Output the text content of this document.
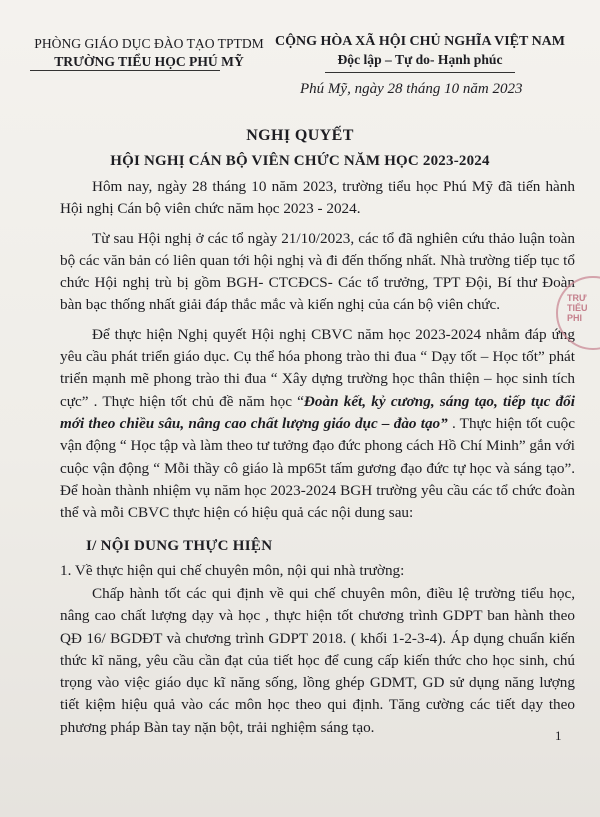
PHÒNG GIÁO DỤC ĐÀO TẠO TPTDM
TRƯỜNG TIỂU HỌC PHÚ MỸ
CỘNG HÒA XÃ HỘI CHỦ NGHĨA VIỆT NAM
Độc lập – Tự do- Hạnh phúc
Phú Mỹ, ngày 28 tháng 10 năm 2023
NGHỊ QUYẾT
HỘI NGHỊ CÁN BỘ VIÊN CHỨC NĂM HỌC 2023-2024

Hôm nay, ngày 28 tháng 10 năm 2023, trường tiểu học Phú Mỹ đã tiến hành Hội nghị Cán bộ viên chức năm học 2023 - 2024.

Từ sau Hội nghị ở các tổ ngày 21/10/2023, các tổ đã nghiên cứu thảo luận toàn bộ các văn bản có liên quan tới hội nghị và đi đến thống nhất. Nhà trường tiếp tục tổ chức Hội nghị trù bị gồm BGH- CTCĐCS- Các tổ trưởng, TPT Đội, Bí thư Đoàn bàn bạc thống nhất giải đáp thắc mắc và kiến nghị của cán bộ viên chức.

Để thực hiện Nghị quyết Hội nghị CBVC năm học 2023-2024 nhằm đáp ứng yêu cầu phát triển giáo dục. Cụ thể hóa phong trào thi đua “ Dạy tốt – Học tốt” phát triển mạnh mẽ phong trào thi đua “ Xây dựng trường học thân thiện – học sinh tích cực” . Thực hiện tốt chủ đề năm học “Đoàn kết, kỷ cương, sáng tạo, tiếp tục đổi mới theo chiều sâu, nâng cao chất lượng giáo dục – đào tạo” . Thực hiện tốt cuộc vận động “ Học tập và làm theo tư tưởng đạo đức phong cách Hồ Chí Minh” gắn với cuộc vận động “ Mỗi thầy cô giáo là mp65t tấm gương đạo đức tự học và sáng tạo”. Để hoàn thành nhiệm vụ năm học 2023-2024 BGH trường yêu cầu các tổ chức đoàn thể và mỗi CBVC thực hiện có hiệu quả các nội dung sau:

I/ NỘI DUNG THỰC HIỆN
1. Về thực hiện qui chế chuyên môn, nội qui nhà trường:

Chấp hành tốt các qui định về qui chế chuyên môn, điều lệ trường tiểu học, nâng cao chất lượng dạy và học , thực hiện tốt chương trình GDPT ban hành theo QĐ 16/ BGDĐT và chương trình GDPT 2018. ( khối 1-2-3-4). Áp dụng chuẩn kiến thức kĩ năng, yêu cầu cần đạt của tiết học để cung cấp kiến thức cho học sinh, chú trọng vào việc giáo dục kĩ năng sống, lồng ghép GDMT, GD sử dụng năng lượng tiết kiệm hiệu quả vào các môn học theo qui định. Tăng cường các tiết dạy theo phương pháp Bàn tay nặn bột, trải nghiệm sáng tạo.	1
TRƯ
TIỂU
PHI
